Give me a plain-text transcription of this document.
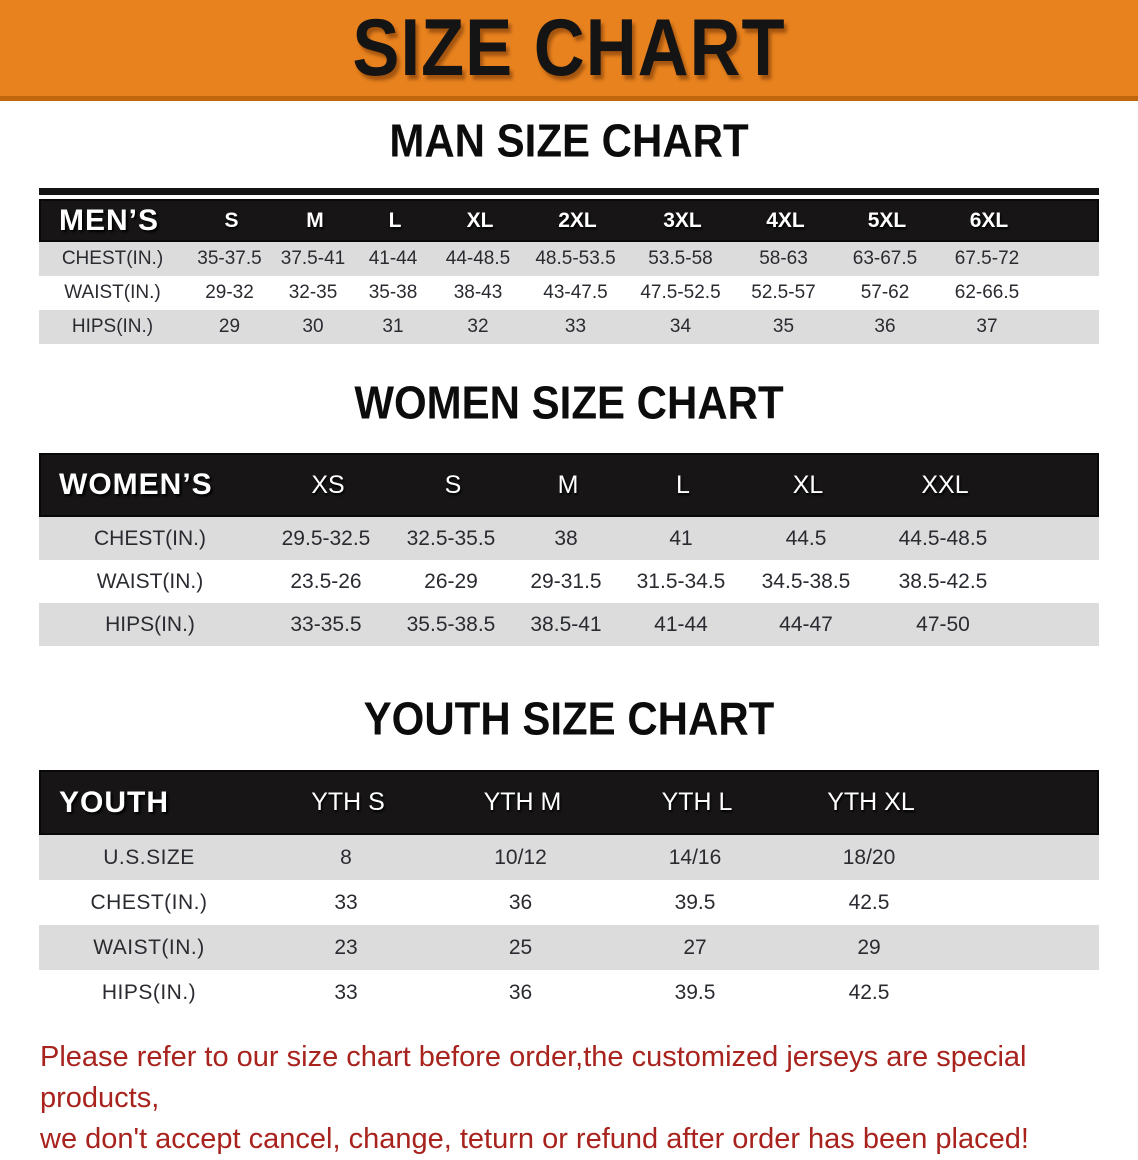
SIZE CHART
MAN SIZE CHART
MEN’S	S	M	L	XL	2XL	3XL	4XL	5XL	6XL
CHEST(IN.)	35-37.5	37.5-41	41-44	44-48.5	48.5-53.5	53.5-58	58-63	63-67.5	67.5-72
WAIST(IN.)	29-32	32-35	35-38	38-43	43-47.5	47.5-52.5	52.5-57	57-62	62-66.5
HIPS(IN.)	29	30	31	32	33	34	35	36	37
WOMEN SIZE CHART
WOMEN’S	XS	S	M	L	XL	XXL
CHEST(IN.)	29.5-32.5	32.5-35.5	38	41	44.5	44.5-48.5
WAIST(IN.)	23.5-26	26-29	29-31.5	31.5-34.5	34.5-38.5	38.5-42.5
HIPS(IN.)	33-35.5	35.5-38.5	38.5-41	41-44	44-47	47-50
YOUTH SIZE CHART
YOUTH	YTH S	YTH M	YTH L	YTH XL
U.S.SIZE	8	10/12	14/16	18/20
CHEST(IN.)	33	36	39.5	42.5
WAIST(IN.)	23	25	27	29
HIPS(IN.)	33	36	39.5	42.5

Please refer to our size chart before order,the customized jerseys are special products,

we don't accept cancel, change, teturn or refund after order has been placed!
